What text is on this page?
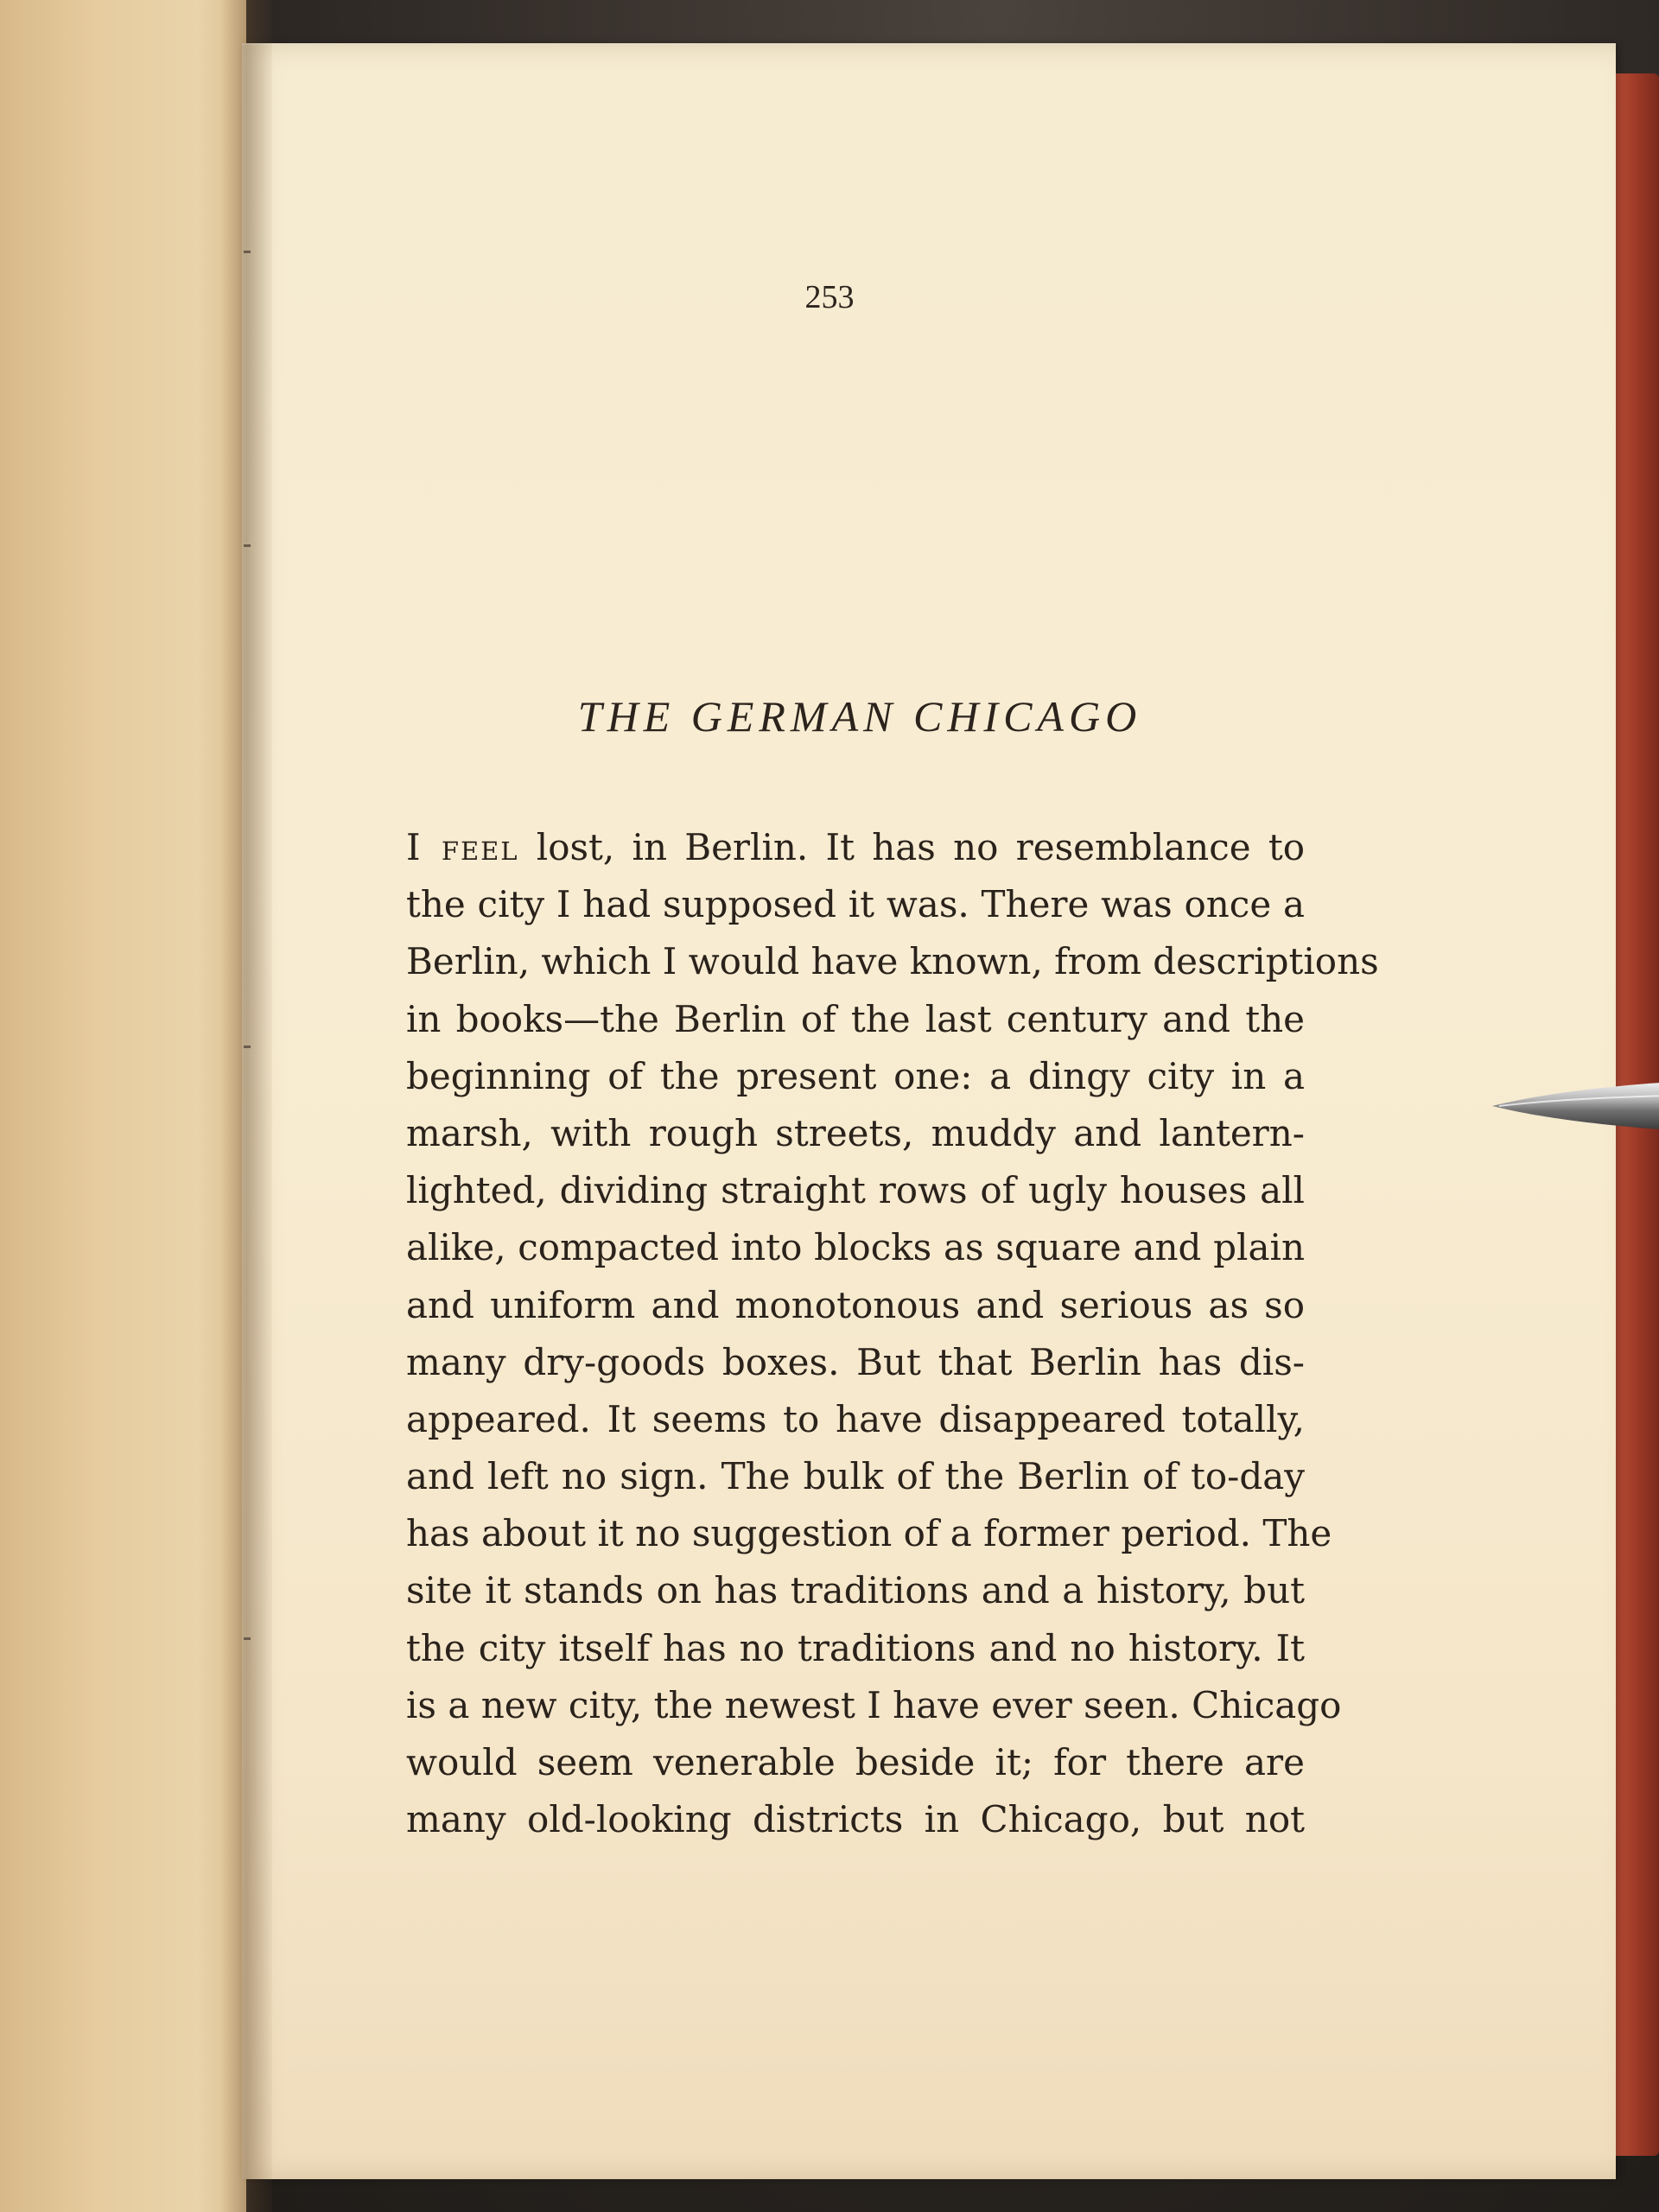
253
THE GERMAN CHICAGO
I feel lost, in Berlin. It has no resemblance to
the city I had supposed it was. There was once a
Berlin, which I would have known, from descriptions
in books—the Berlin of the last century and the
beginning of the present one: a dingy city in a
marsh, with rough streets, muddy and lantern-
lighted, dividing straight rows of ugly houses all
alike, compacted into blocks as square and plain
and uniform and monotonous and serious as so
many dry-goods boxes. But that Berlin has dis-
appeared. It seems to have disappeared totally,
and left no sign. The bulk of the Berlin of to-day
has about it no suggestion of a former period. The
site it stands on has traditions and a history, but
the city itself has no traditions and no history. It
is a new city, the newest I have ever seen. Chicago
would seem venerable beside it; for there are
many old-looking districts in Chicago, but not
